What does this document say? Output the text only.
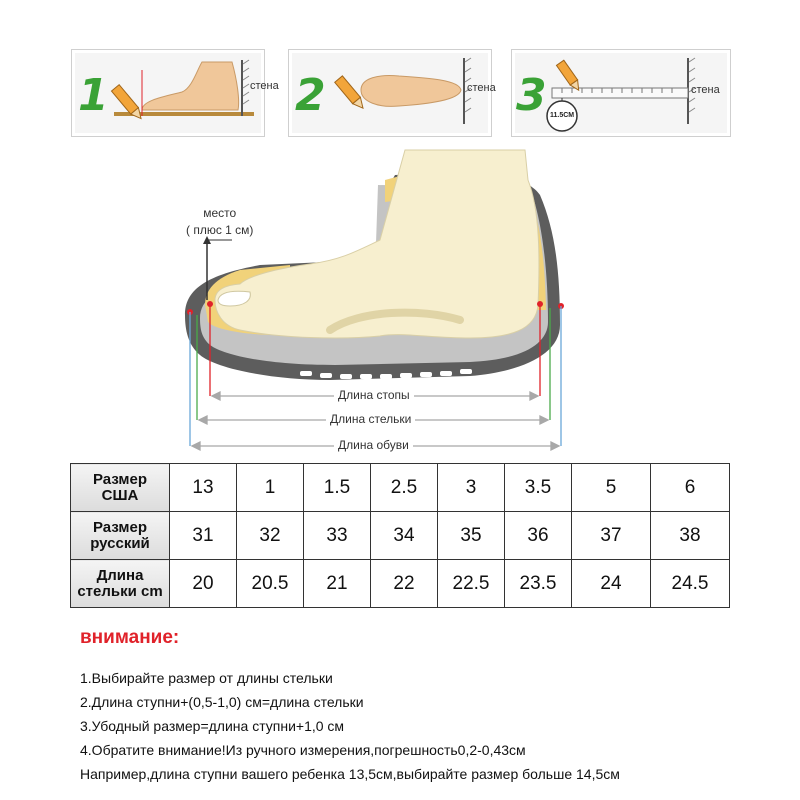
1	стена 2	стена 3	стена
11.5CM
место
( плюс 1 см)
Длина стопы
Длина стельки
Длина обуви
Размер
США	13	1	1.5	2.5	3	3.5	5	6

Размер
русский	31	32	33	34	35	36	37	38

Длина
стельки cm	20	20.5	21	22	22.5	23.5	24	24.5
внимание:
1.Выбирайте размер от длины стельки
2.Длина ступни+(0,5-1,0) см=длина стельки
3.Убодный размер=длина ступни+1,0 см
4.Обратите внимание!Из ручного измерения,погрешность0,2-0,43см
Например,длина ступни вашего ребенка 13,5см,выбирайте размер больше 14,5см
